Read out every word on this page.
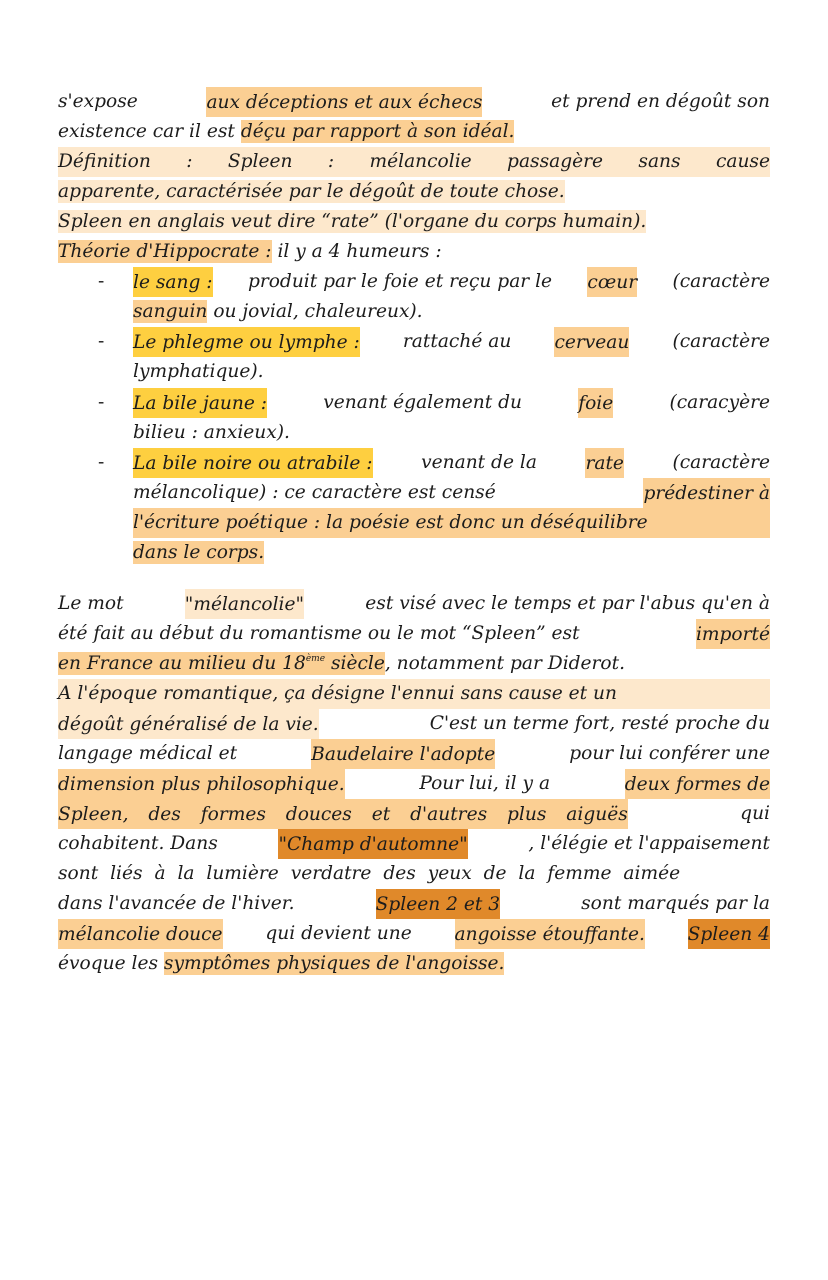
s'expose	aux déceptions et aux échecs	et prend en dégoût son
existence car il est déçu par rapport à son idéal.
Définition : Spleen : mélancolie passagère sans cause
apparente, caractérisée par le dégoût de toute chose.
Spleen en anglais veut dire “rate” (l'organe du corps humain).
Théorie d'Hippocrate : il y a 4 humeurs :
-	le sang : produit par le foie et reçu par le cœur (caractère
sanguin ou jovial, chaleureux).
-	Le phlegme ou lymphe : rattaché au cerveau (caractère
lymphatique).
-	La bile jaune :	venant également du	foie	(caracyère
bilieu : anxieux).
-	La bile noire ou atrabile :	venant de la	rate	(caractère
mélancolique) : ce caractère est censé	prédestiner à
l'écriture poétique : la poésie est donc un déséquilibre
dans le corps.
Le mot	"mélancolie"	est visé avec le temps et par l'abus qu'en à
été fait au début du romantisme ou le mot “Spleen” est	importé
en France au milieu du 18ème siècle, notamment par Diderot.
A l'époque romantique, ça désigne l'ennui sans cause et un
dégoût généralisé de la vie.	C'est un terme fort, resté proche du
langage médical et	Baudelaire l'adopte	pour lui conférer une
dimension plus philosophique.	Pour lui, il y a	deux formes de
Spleen, des formes douces et d'autres plus aiguës	qui
cohabitent. Dans	"Champ d'automne"	, l'élégie et l'appaisement
sont liés à la lumière verdatre des yeux de la femme aimée
dans l'avancée de l'hiver.	Spleen 2 et 3	sont marqués par la
mélancolie douce qui devient une angoisse étouffante. Spleen 4
évoque les symptômes physiques de l'angoisse.
